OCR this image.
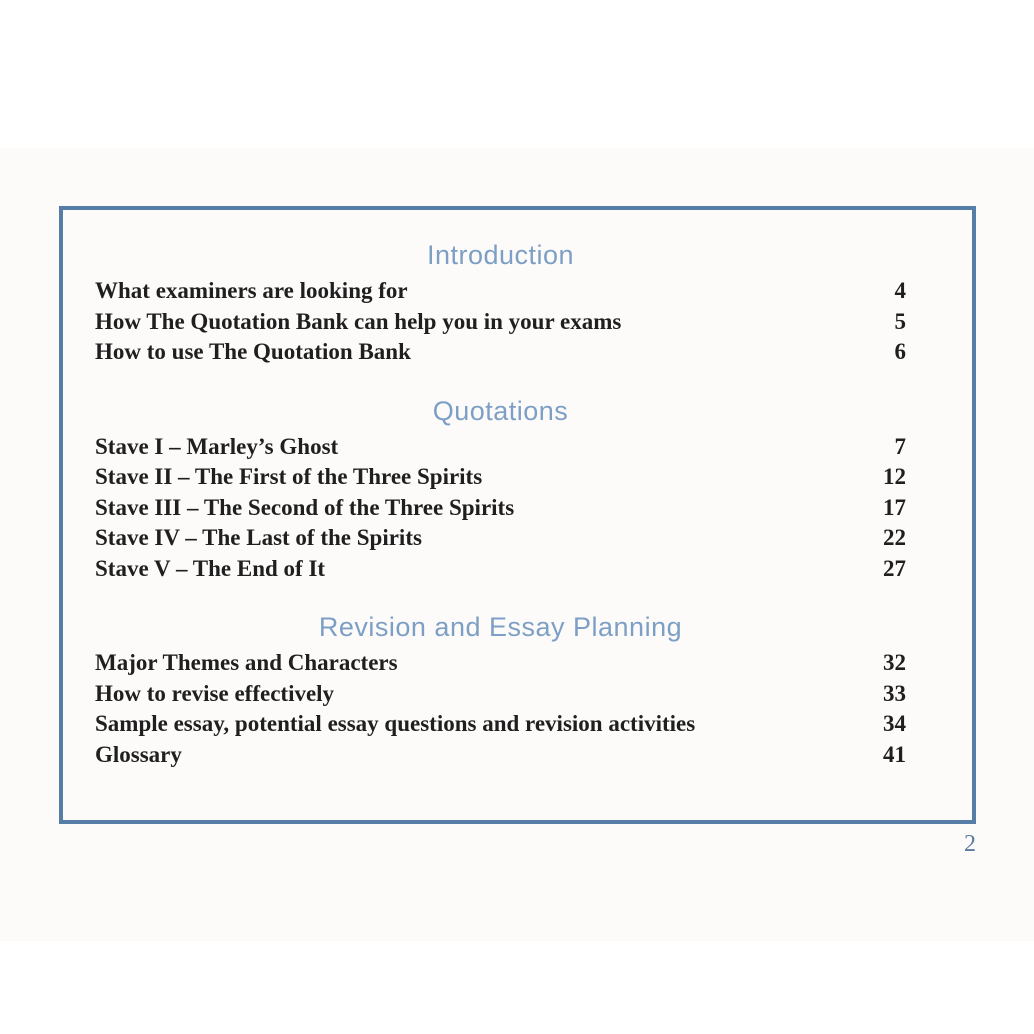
Introduction
What examiners are looking for	4
How The Quotation Bank can help you in your exams	5
How to use The Quotation Bank	6
Quotations
Stave I – Marley’s Ghost	7
Stave II – The First of the Three Spirits	12
Stave III – The Second of the Three Spirits	17
Stave IV – The Last of the Spirits	22
Stave V – The End of It	27
Revision and Essay Planning
Major Themes and Characters	32
How to revise effectively	33
Sample essay, potential essay questions and revision activities	34
Glossary	41
2
